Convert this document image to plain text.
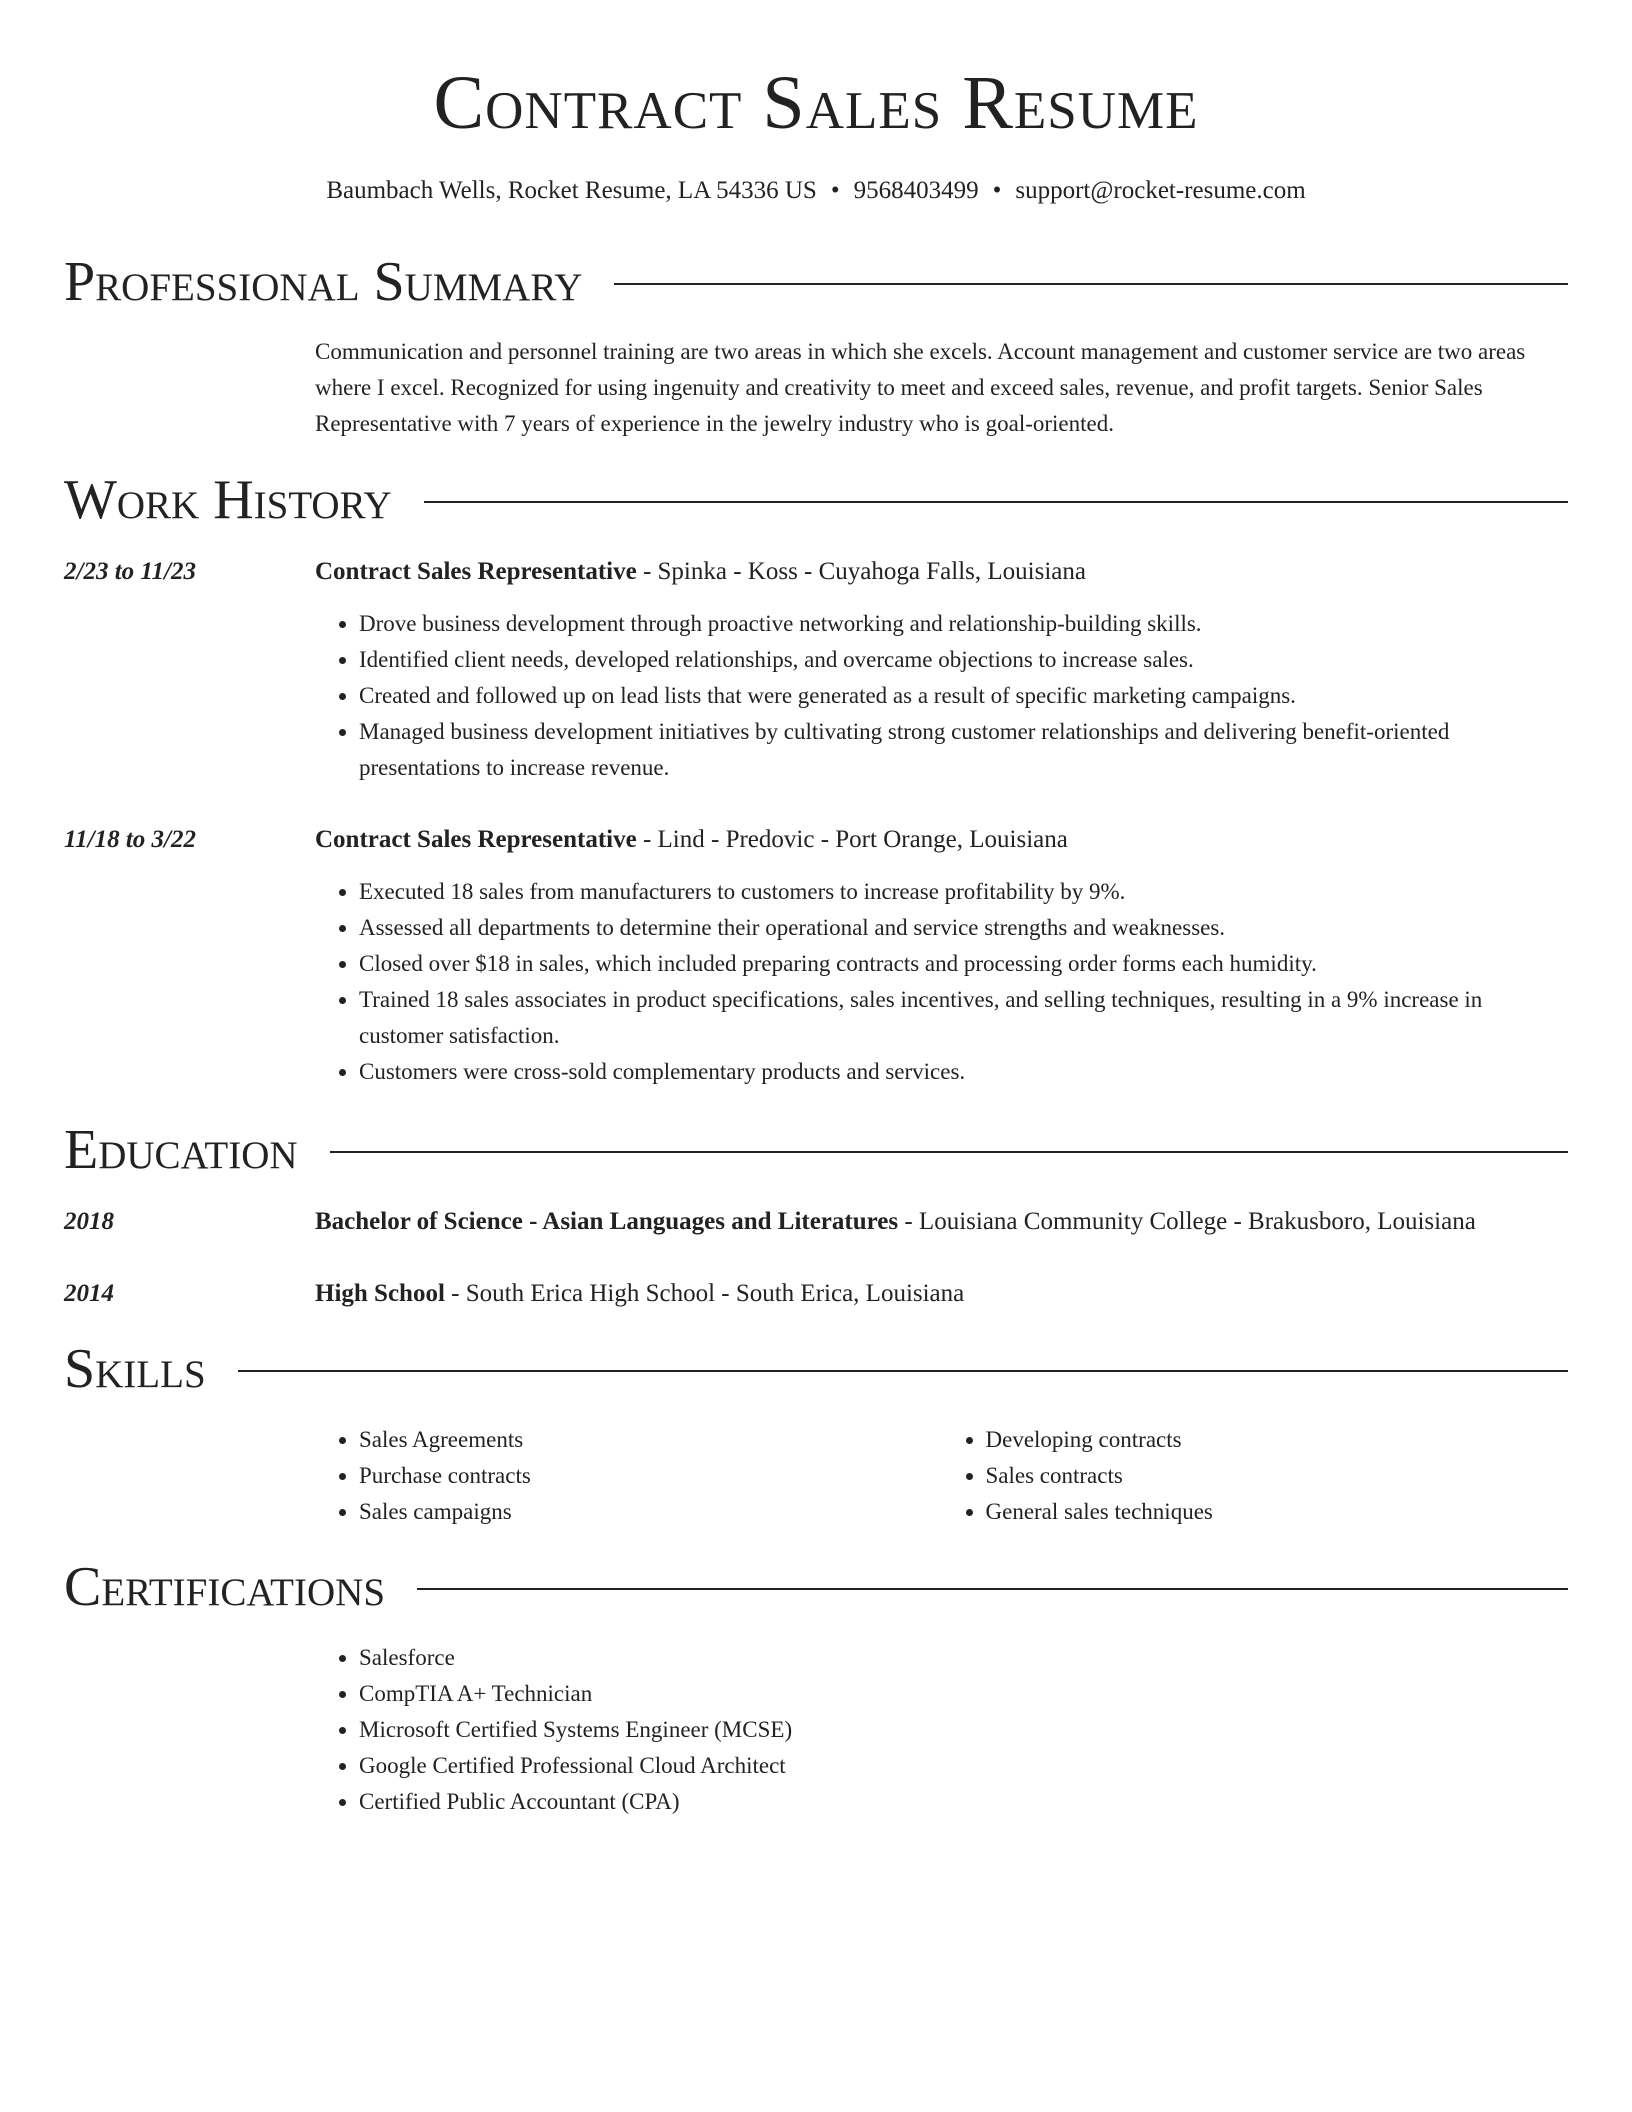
Contract Sales Resume
Baumbach Wells, Rocket Resume, LA 54336 US • 9568403499 • support@rocket-resume.com
Professional Summary
Communication and personnel training are two areas in which she excels. Account management and customer service are two areas where I excel. Recognized for using ingenuity and creativity to meet and exceed sales, revenue, and profit targets. Senior Sales Representative with 7 years of experience in the jewelry industry who is goal-oriented.
Work History
2/23 to 11/23	Contract Sales Representative - Spinka - Koss - Cuyahoga Falls, Louisiana
• Drove business development through proactive networking and relationship-building skills.
• Identified client needs, developed relationships, and overcame objections to increase sales.
• Created and followed up on lead lists that were generated as a result of specific marketing campaigns.
• Managed business development initiatives by cultivating strong customer relationships and delivering benefit-oriented presentations to increase revenue.
11/18 to 3/22	Contract Sales Representative - Lind - Predovic - Port Orange, Louisiana
• Executed 18 sales from manufacturers to customers to increase profitability by 9%.
• Assessed all departments to determine their operational and service strengths and weaknesses.
• Closed over $18 in sales, which included preparing contracts and processing order forms each humidity.
• Trained 18 sales associates in product specifications, sales incentives, and selling techniques, resulting in a 9% increase in customer satisfaction.
• Customers were cross-sold complementary products and services.
Education
2018	Bachelor of Science - Asian Languages and Literatures - Louisiana Community College - Brakusboro, Louisiana
2014	High School - South Erica High School - South Erica, Louisiana
Skills
• Sales Agreements
• Purchase contracts
• Sales campaigns
• Developing contracts
• Sales contracts
• General sales techniques
Certifications
• Salesforce
• CompTIA A+ Technician
• Microsoft Certified Systems Engineer (MCSE)
• Google Certified Professional Cloud Architect
• Certified Public Accountant (CPA)
